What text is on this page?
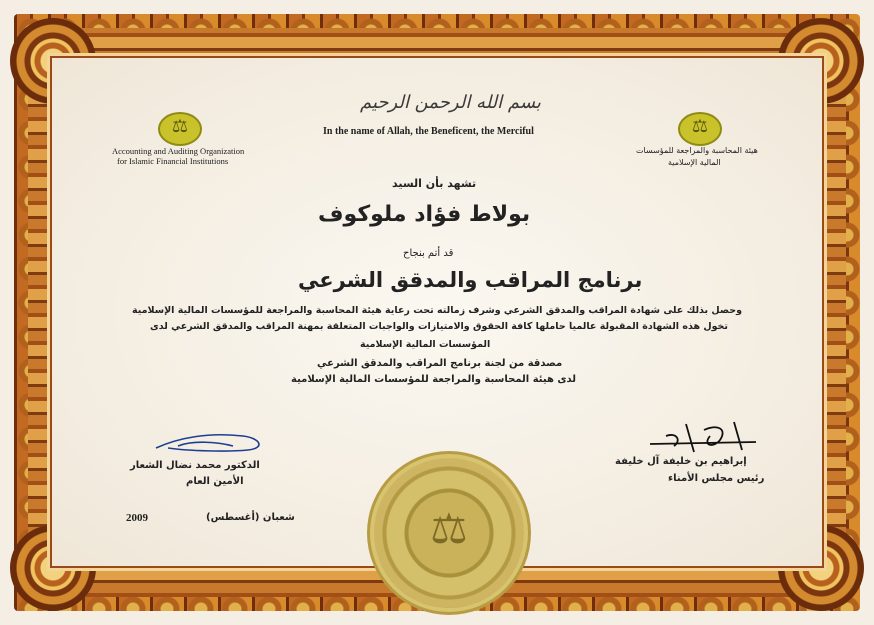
بسم الله الرحمن الرحيم
In the name of Allah, the Beneficent, the Merciful
⚖
Accounting and Auditing Organization
for Islamic Financial Institutions
⚖
هيئة المحاسبة والمراجعة للمؤسسات
المالية الإسلامية
تشهد بأن السيد
بولاط فؤاد ملوكوف
قد أتم بنجاح
برنامج المراقب والمدقق الشرعي
وحصل بذلك على شهادة المراقب والمدقق الشرعي وشرف زمالته تحت رعاية هيئة المحاسبة والمراجعة للمؤسسات المالية الإسلامية
تخول هذه الشهادة المقبولة عالمياً حاملها كافة الحقوق والامتيازات والواجبات المتعلقة بمهنة المراقب والمدقق الشرعي لدى
المؤسسات المالية الإسلامية
مصدقة من لجنة برنامج المراقب والمدقق الشرعي
لدى هيئة المحاسبة والمراجعة للمؤسسات المالية الإسلامية
الدكتور محمد نضال الشعار
الأمين العام
إبراهيم بن خليفة آل خليفة
رئيس مجلس الأمناء
شعبان (أغسطس)
2009
⚖
